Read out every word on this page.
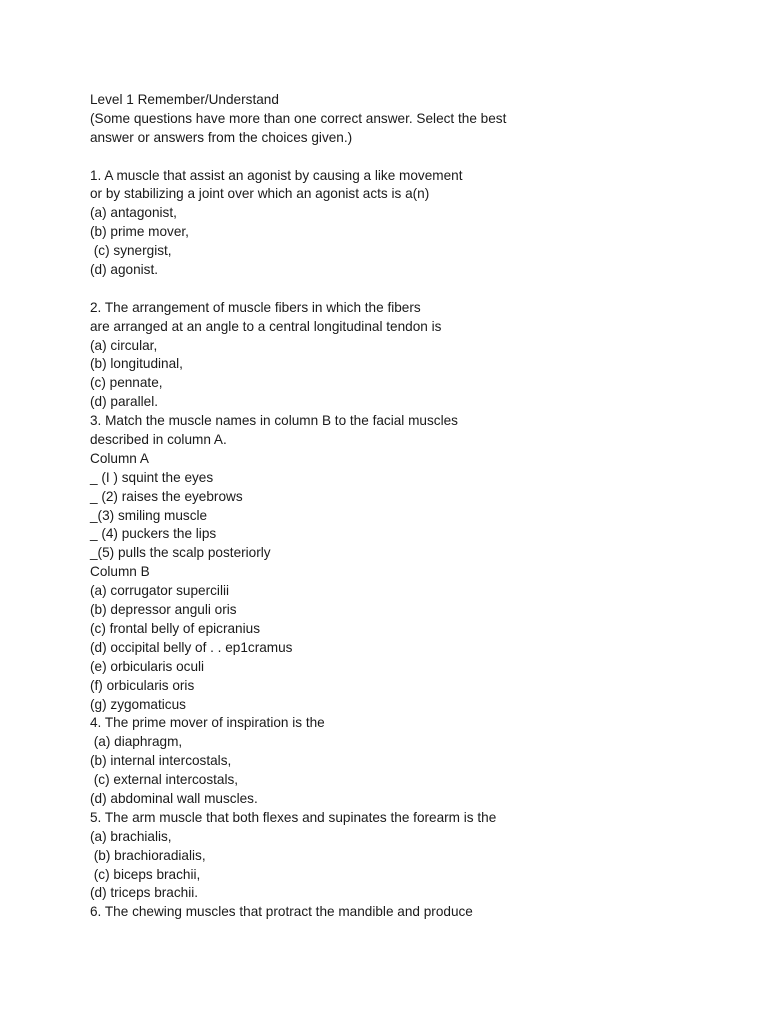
Level 1 Remember/Understand
(Some questions have more than one correct answer. Select the best
answer or answers from the choices given.)
1. A muscle that assist an agonist by causing a like movement
or by stabilizing a joint over which an agonist acts is a(n)
(a) antagonist,
(b) prime mover,
(c) synergist,
(d) agonist.
2. The arrangement of muscle fibers in which the fibers
are arranged at an angle to a central longitudinal tendon is
(a) circular,
(b) longitudinal,
(c) pennate,
(d) parallel.
3. Match the muscle names in column B to the facial muscles
described in column A.
Column A
_ (I ) squint the eyes
_ (2) raises the eyebrows
_(3) smiling muscle
_ (4) puckers the lips
_(5) pulls the scalp posteriorly
Column B
(a) corrugator supercilii
(b) depressor anguli oris
(c) frontal belly of epicranius
(d) occipital belly of . . ep1cramus
(e) orbicularis oculi
(f) orbicularis oris
(g) zygomaticus
4. The prime mover of inspiration is the
(a) diaphragm,
(b) internal intercostals,
(c) external intercostals,
(d) abdominal wall muscles.
5. The arm muscle that both flexes and supinates the forearm is the
(a) brachialis,
(b) brachioradialis,
(c) biceps brachii,
(d) triceps brachii.
6. The chewing muscles that protract the mandible and produce
